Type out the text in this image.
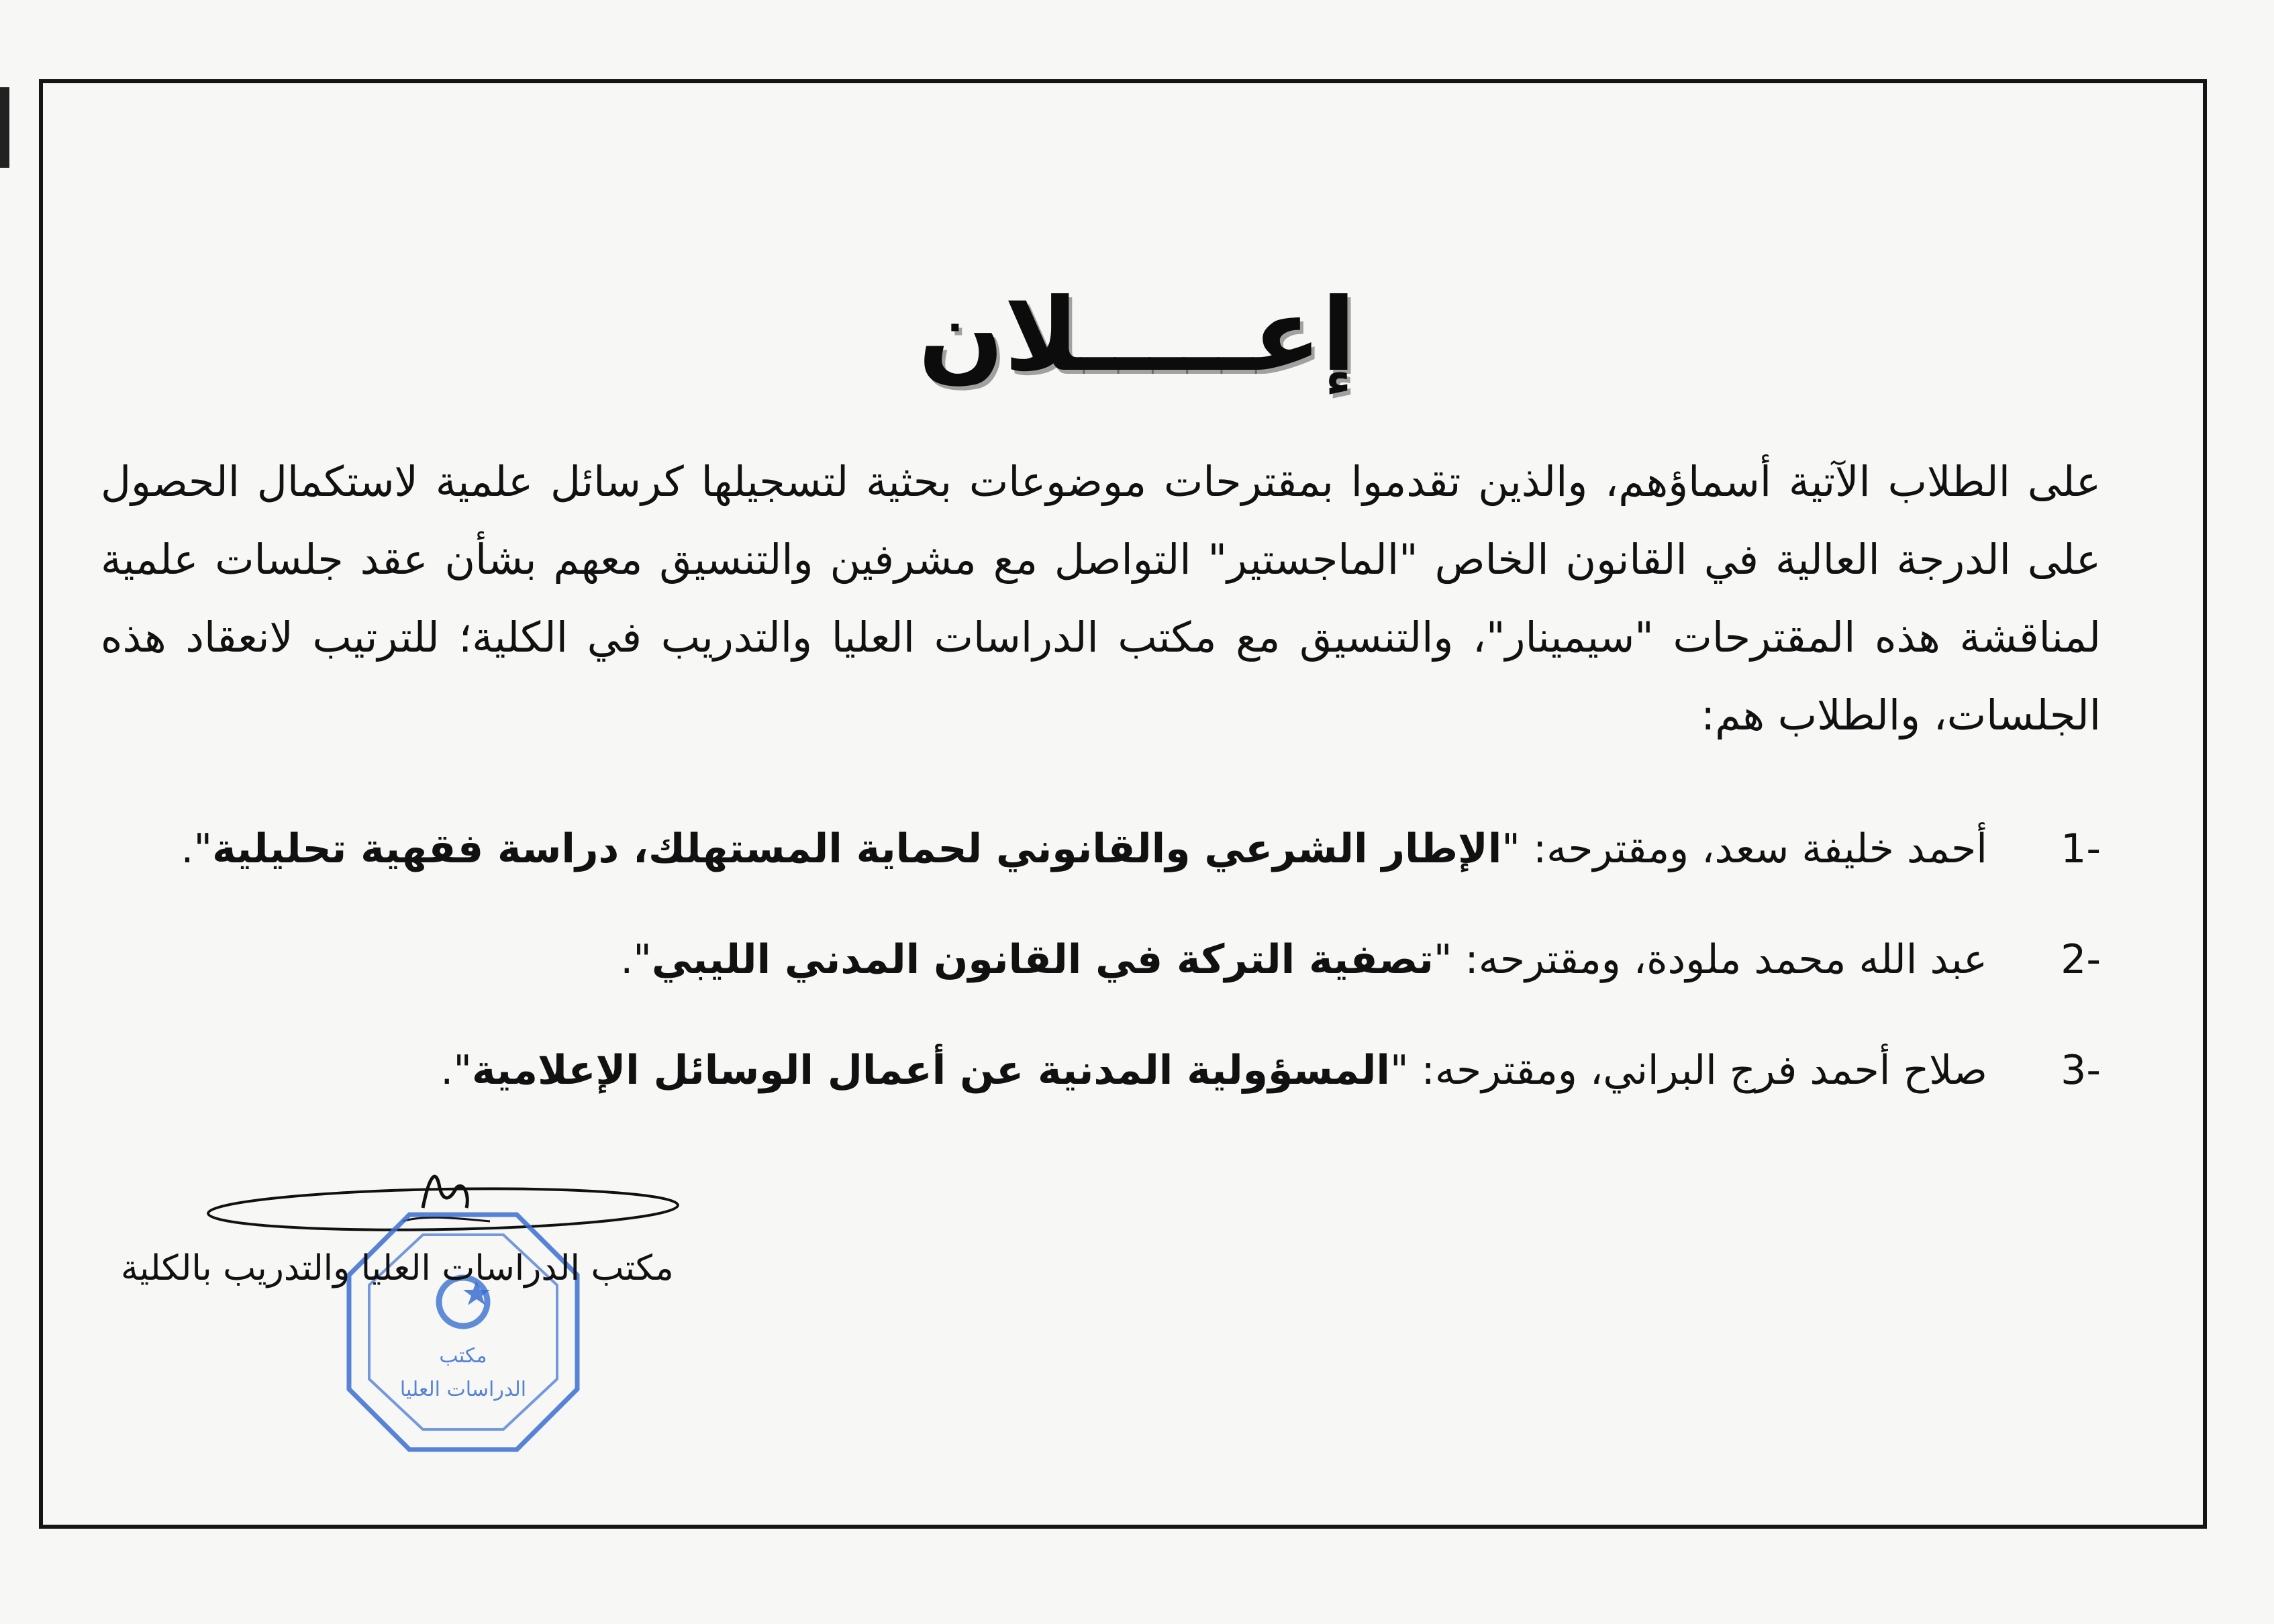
إعـــــلان

على الطلاب الآتية أسماؤهم، والذين تقدموا بمقترحات موضوعات بحثية لتسجيلها كرسائل علمية لاستكمال الحصول على الدرجة العالية في القانون الخاص "الماجستير" التواصل مع مشرفين والتنسيق معهم بشأن عقد جلسات علمية لمناقشة هذه المقترحات "سيمينار"، والتنسيق مع مكتب الدراسات العليا والتدريب في الكلية؛ للترتيب لانعقاد هذه الجلسات، والطلاب هم:

-1 أحمد خليفة سعد، ومقترحه: "الإطار الشرعي والقانوني لحماية المستهلك، دراسة فقهية تحليلية".
-2 عبد الله محمد ملودة، ومقترحه: "تصفية التركة في القانون المدني الليبي".
-3 صلاح أحمد فرج البراني، ومقترحه: "المسؤولية المدنية عن أعمال الوسائل الإعلامية".
مكتب
الدراسات العليا
مكتب الدراسات العليا والتدريب بالكلية
